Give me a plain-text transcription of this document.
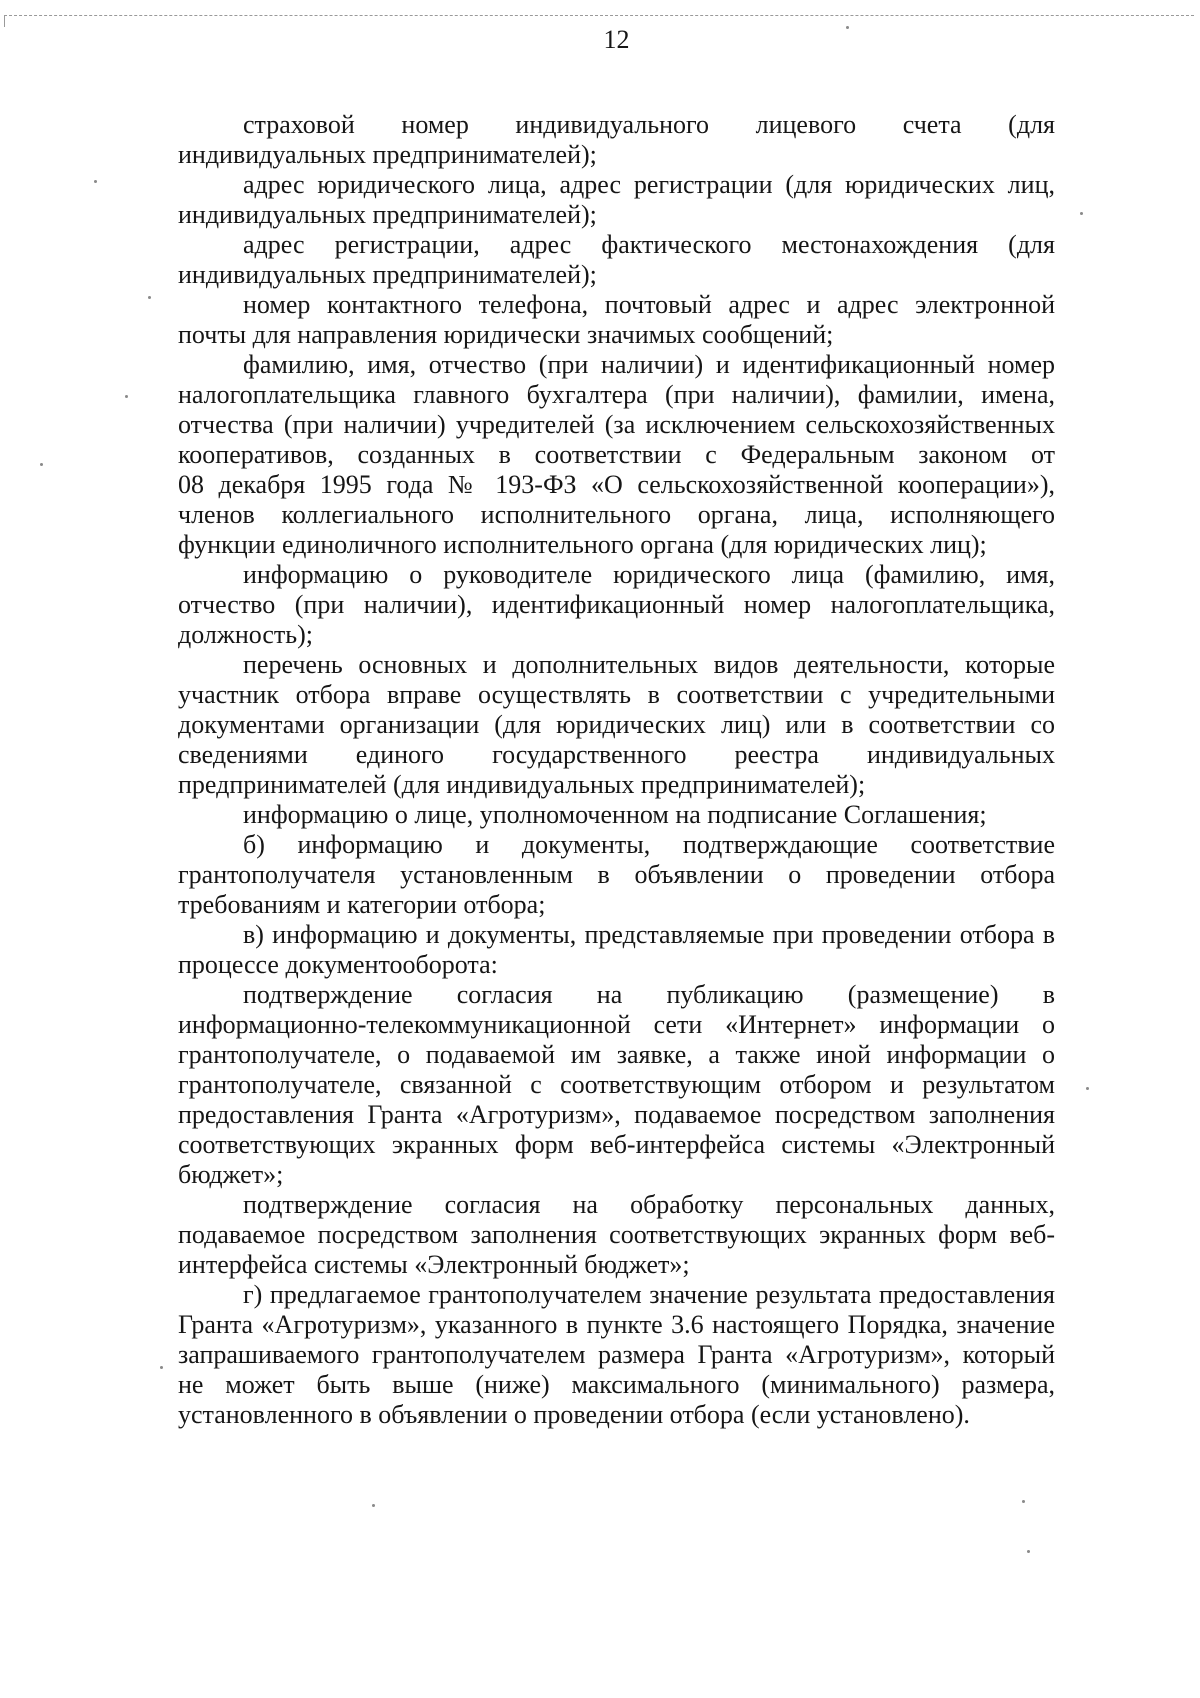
12
страховой номер индивидуального лицевого счета (для
индивидуальных предпринимателей);
адрес юридического лица, адрес регистрации (для юридических лиц,
индивидуальных предпринимателей);
адрес регистрации, адрес фактического местонахождения (для
индивидуальных предпринимателей);
номер контактного телефона, почтовый адрес и адрес электронной
почты для направления юридически значимых сообщений;
фамилию, имя, отчество (при наличии) и идентификационный номер
налогоплательщика главного бухгалтера (при наличии), фамилии, имена,
отчества (при наличии) учредителей (за исключением сельскохозяйственных
кооперативов, созданных в соответствии с Федеральным законом от
08 декабря 1995 года № 193-ФЗ «О сельскохозяйственной кооперации»),
членов коллегиального исполнительного органа, лица, исполняющего
функции единоличного исполнительного органа (для юридических лиц);
информацию о руководителе юридического лица (фамилию, имя,
отчество (при наличии), идентификационный номер налогоплательщика,
должность);
перечень основных и дополнительных видов деятельности, которые
участник отбора вправе осуществлять в соответствии с учредительными
документами организации (для юридических лиц) или в соответствии со
сведениями единого государственного реестра индивидуальных
предпринимателей (для индивидуальных предпринимателей);
информацию о лице, уполномоченном на подписание Соглашения;
б) информацию и документы, подтверждающие соответствие
грантополучателя установленным в объявлении о проведении отбора
требованиям и категории отбора;
в) информацию и документы, представляемые при проведении отбора в
процессе документооборота:
подтверждение согласия на публикацию (размещение) в
информационно-телекоммуникационной сети «Интернет» информации о
грантополучателе, о подаваемой им заявке, а также иной информации о
грантополучателе, связанной с соответствующим отбором и результатом
предоставления Гранта «Агротуризм», подаваемое посредством заполнения
соответствующих экранных форм веб-интерфейса системы «Электронный
бюджет»;
подтверждение согласия на обработку персональных данных,
подаваемое посредством заполнения соответствующих экранных форм веб-
интерфейса системы «Электронный бюджет»;
г) предлагаемое грантополучателем значение результата предоставления
Гранта «Агротуризм», указанного в пункте 3.6 настоящего Порядка, значение
запрашиваемого грантополучателем размера Гранта «Агротуризм», который
не может быть выше (ниже) максимального (минимального) размера,
установленного в объявлении о проведении отбора (если установлено).
